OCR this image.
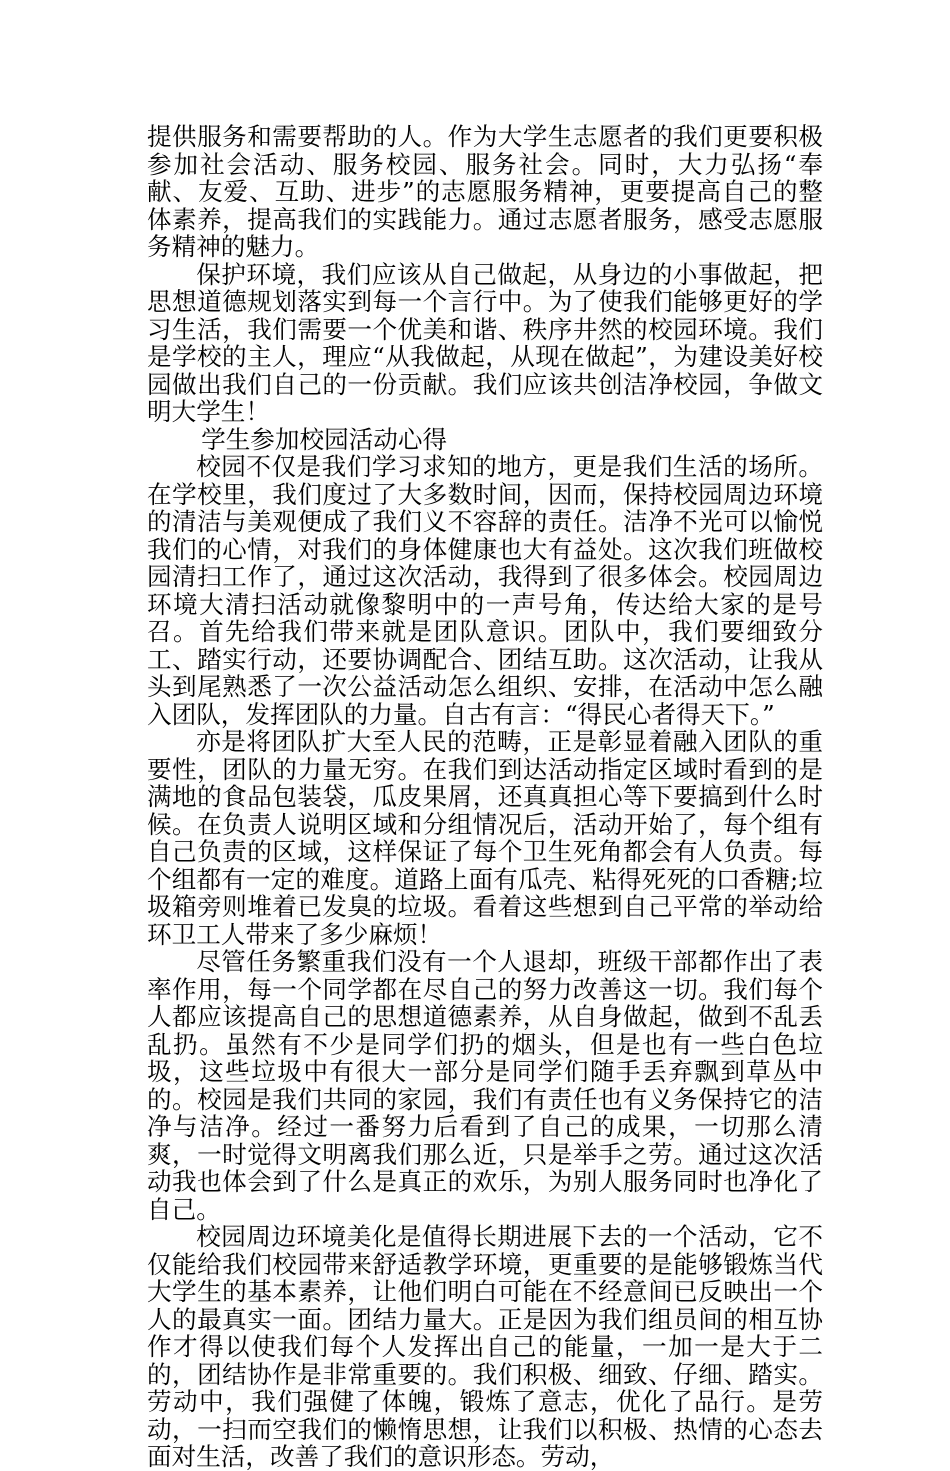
提供服务和需要帮助的人。作为大学生志愿者的我们更要积极参加社会活动、服务校园、服务社会。同时，大力弘扬“奉献、友爱、互助、进步”的志愿服务精神，更要提高自己的整体素养，提高我们的实践能力。通过志愿者服务，感受志愿服务精神的魅力。

保护环境，我们应该从自己做起，从身边的小事做起，把思想道德规划落实到每一个言行中。为了使我们能够更好的学习生活，我们需要一个优美和谐、秩序井然的校园环境。我们是学校的主人，理应“从我做起，从现在做起”，为建设美好校园做出我们自己的一份贡献。我们应该共创洁净校园，争做文明大学生！

学生参加校园活动心得

校园不仅是我们学习求知的地方，更是我们生活的场所。在学校里，我们度过了大多数时间，因而，保持校园周边环境的清洁与美观便成了我们义不容辞的责任。洁净不光可以愉悦我们的心情，对我们的身体健康也大有益处。这次我们班做校园清扫工作了，通过这次活动，我得到了很多体会。校园周边环境大清扫活动就像黎明中的一声号角，传达给大家的是号召。首先给我们带来就是团队意识。团队中，我们要细致分工、踏实行动，还要协调配合、团结互助。这次活动，让我从头到尾熟悉了一次公益活动怎么组织、安排，在活动中怎么融入团队，发挥团队的力量。自古有言：“得民心者得天下。”

亦是将团队扩大至人民的范畴，正是彰显着融入团队的重要性，团队的力量无穷。在我们到达活动指定区域时看到的是满地的食品包装袋，瓜皮果屑，还真真担心等下要搞到什么时候。在负责人说明区域和分组情况后，活动开始了，每个组有自己负责的区域，这样保证了每个卫生死角都会有人负责。每个组都有一定的难度。道路上面有瓜壳、粘得死死的口香糖;垃圾箱旁则堆着已发臭的垃圾。看着这些想到自己平常的举动给环卫工人带来了多少麻烦！

尽管任务繁重我们没有一个人退却，班级干部都作出了表率作用，每一个同学都在尽自己的努力改善这一切。我们每个人都应该提高自己的思想道德素养，从自身做起，做到不乱丢乱扔。虽然有不少是同学们扔的烟头，但是也有一些白色垃圾，这些垃圾中有很大一部分是同学们随手丢弃飘到草丛中的。校园是我们共同的家园，我们有责任也有义务保持它的洁净与洁净。经过一番努力后看到了自己的成果，一切那么清爽，一时觉得文明离我们那么近，只是举手之劳。通过这次活动我也体会到了什么是真正的欢乐，为别人服务同时也净化了自己。

校园周边环境美化是值得长期进展下去的一个活动，它不仅能给我们校园带来舒适教学环境，更重要的是能够锻炼当代大学生的基本素养，让他们明白可能在不经意间已反映出一个人的最真实一面。团结力量大。正是因为我们组员间的相互协作才得以使我们每个人发挥出自己的能量，一加一是大于二的，团结协作是非常重要的。我们积极、细致、仔细、踏实。劳动中，我们强健了体魄，锻炼了意志，优化了品行。是劳动，一扫而空我们的懒惰思想，让我们以积极、热情的心态去面对生活，改善了我们的意识形态。劳动，
